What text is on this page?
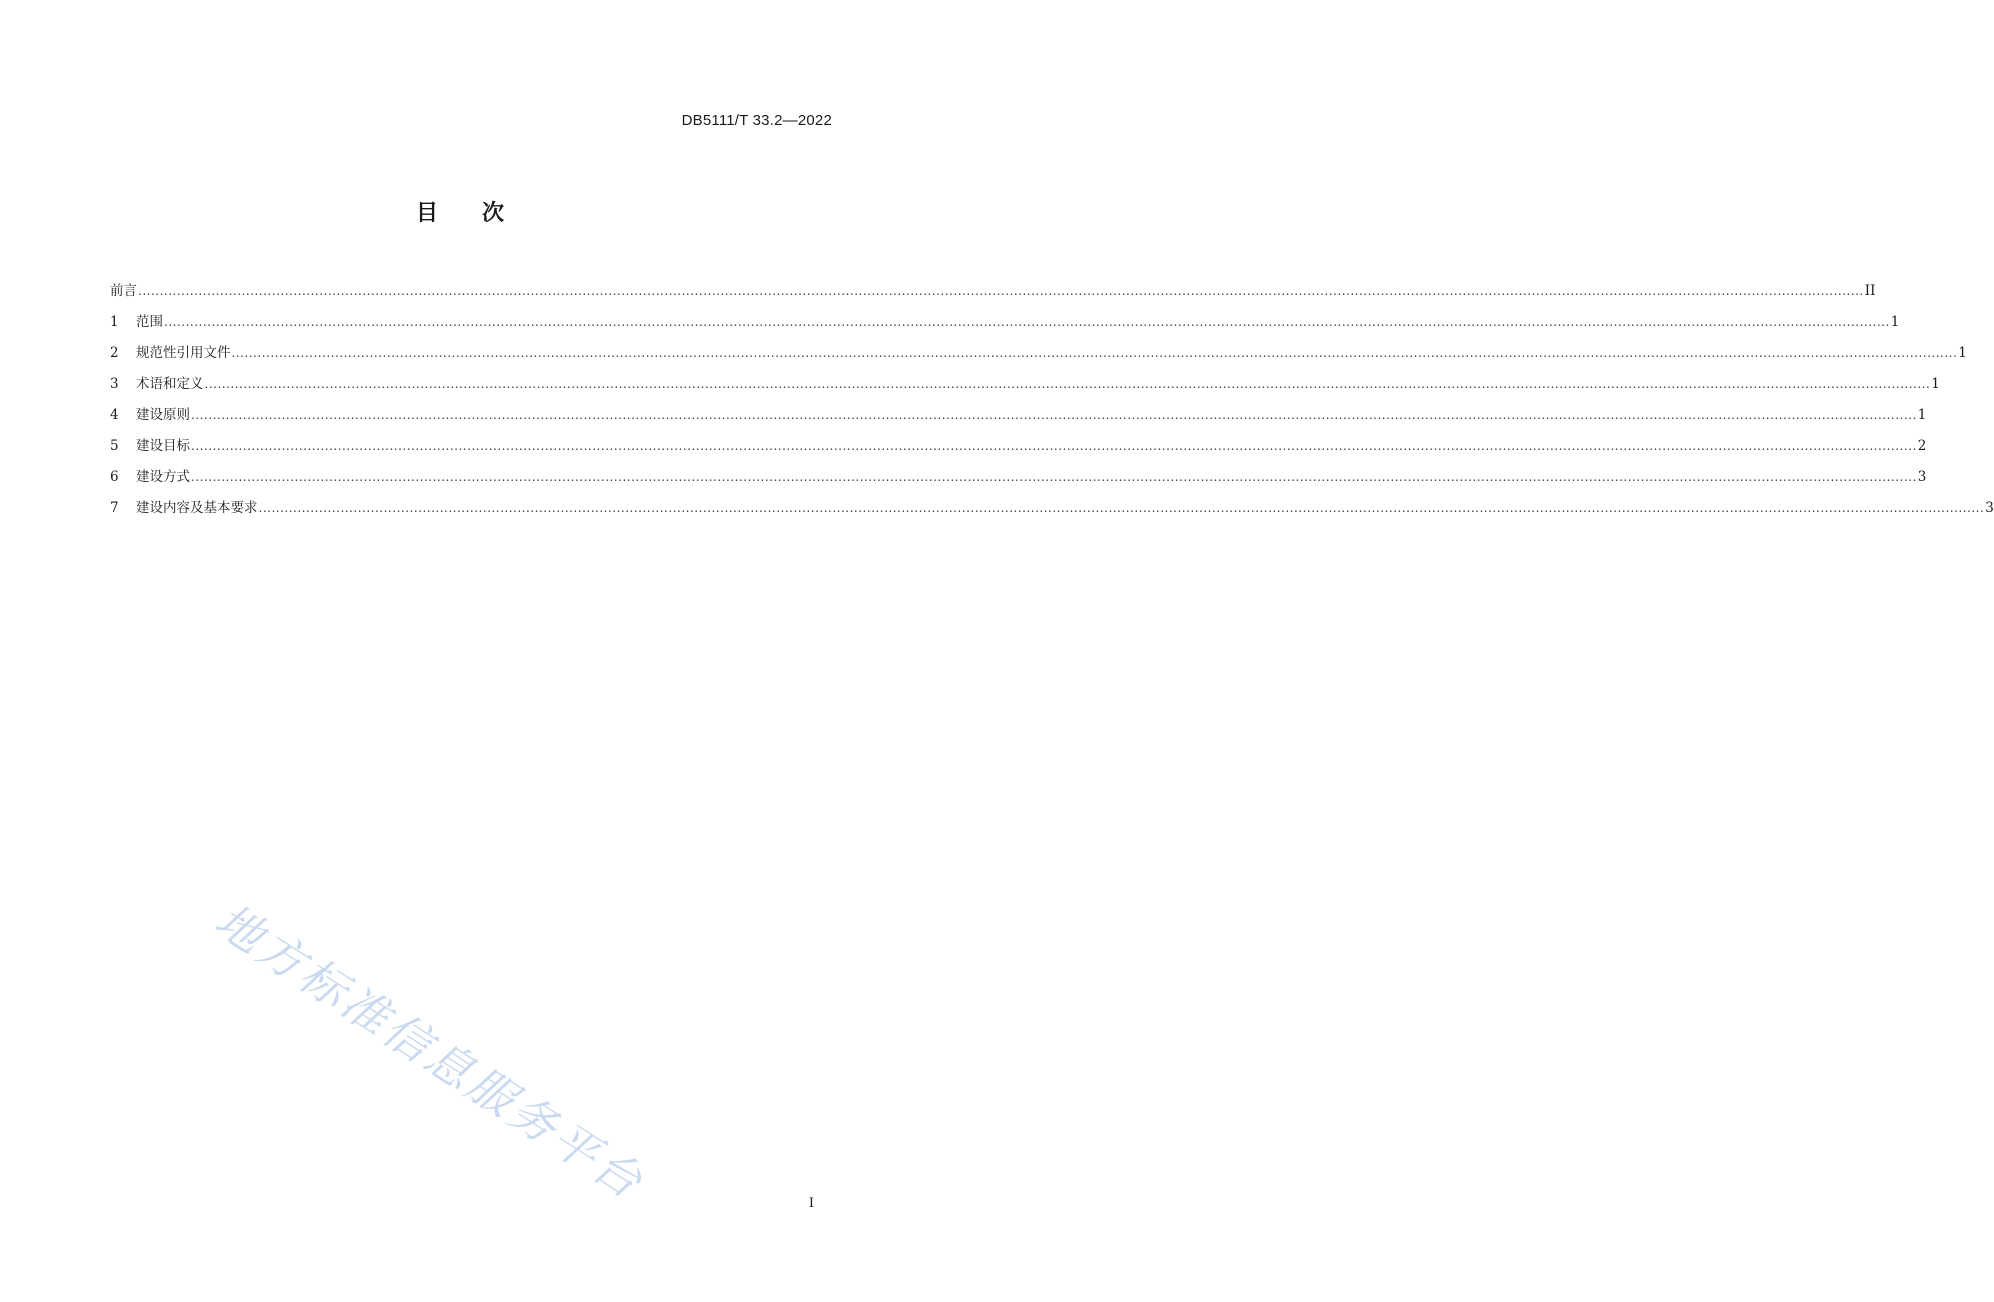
DB5111/T 33.2—2022
目 次
前言 ................................................................................................................................................................................................................................................................................................................................................................................................................ II
1	范围 ................................................................................................................................................................................................................................................................................................................................................................................................................ 1
2	规范性引用文件 ................................................................................................................................................................................................................................................................................................................................................................................................................ 1
3	术语和定义 ................................................................................................................................................................................................................................................................................................................................................................................................................ 1
4	建设原则 ................................................................................................................................................................................................................................................................................................................................................................................................................ 1
5	建设目标 ................................................................................................................................................................................................................................................................................................................................................................................................................ 2
6	建设方式 ................................................................................................................................................................................................................................................................................................................................................................................................................ 3
7	建设内容及基本要求 ................................................................................................................................................................................................................................................................................................................................................................................................................ 3
地方标准信息服务平台	I
